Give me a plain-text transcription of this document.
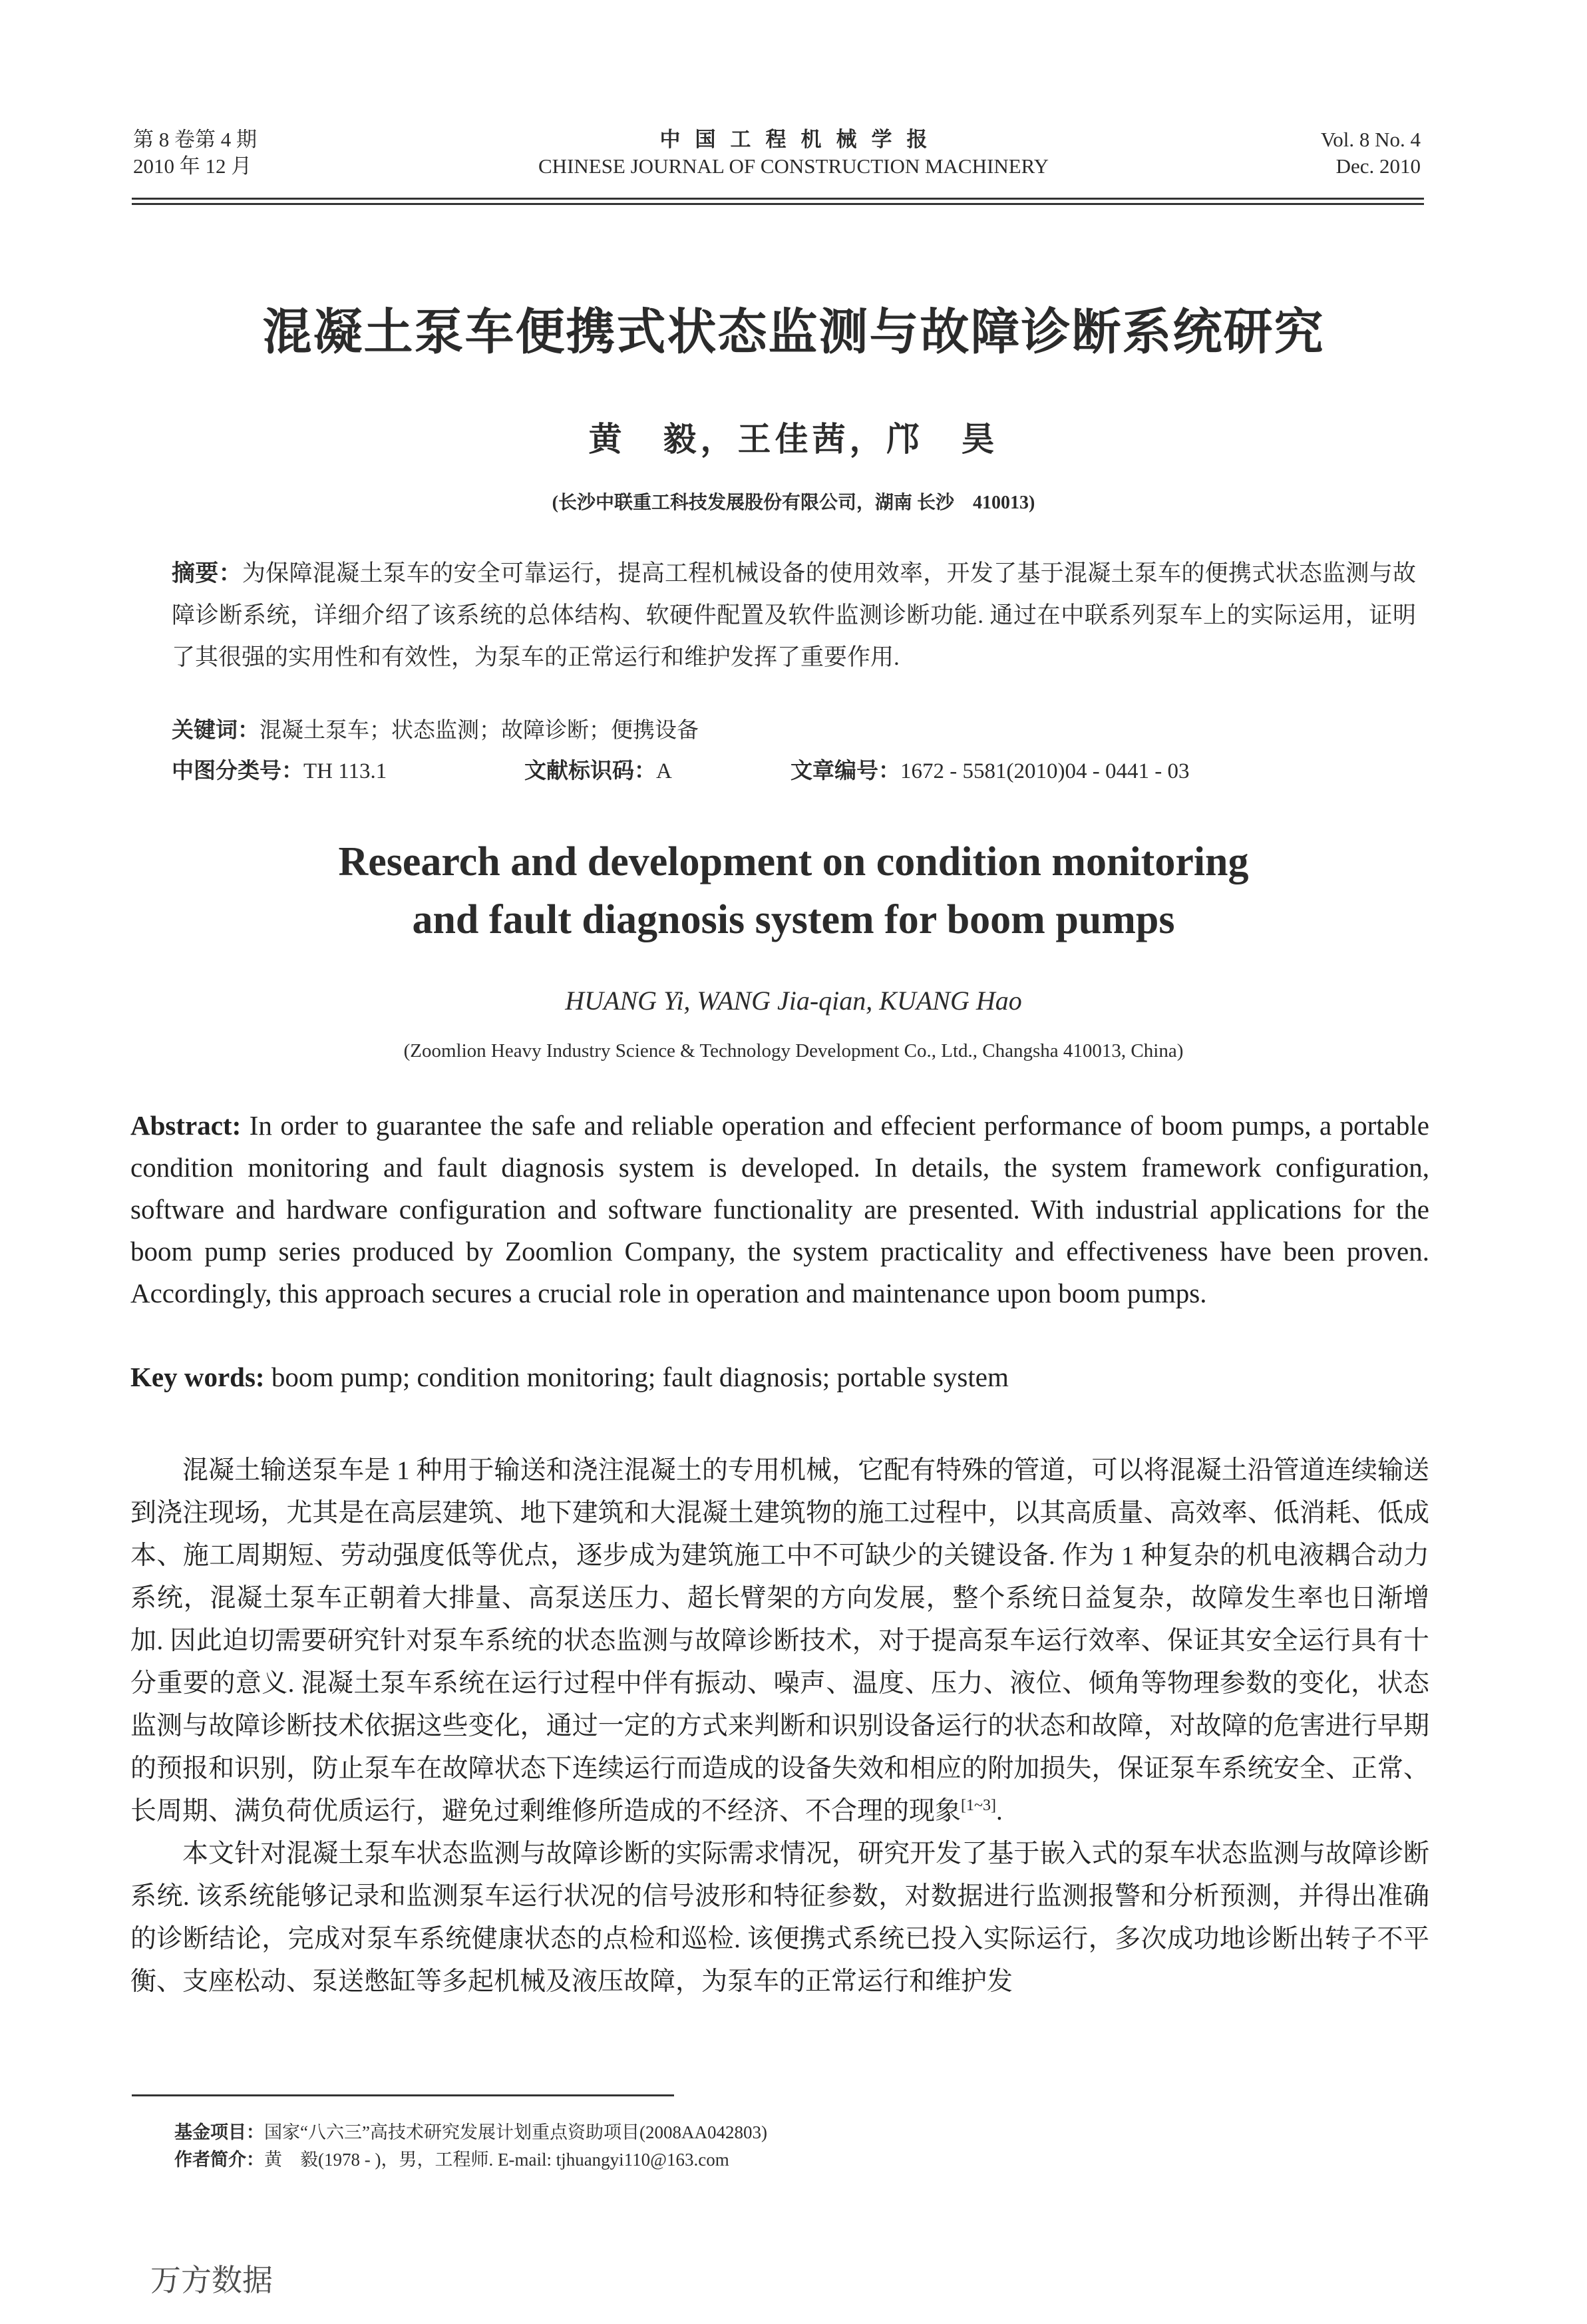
第 8 卷第 4 期
2010 年 12 月
中国工程机械学报
CHINESE JOURNAL OF CONSTRUCTION MACHINERY
Vol. 8 No. 4
Dec. 2010
混凝土泵车便携式状态监测与故障诊断系统研究
黄　毅，王佳茜，邝　昊
(长沙中联重工科技发展股份有限公司，湖南 长沙　410013)
摘要：为保障混凝土泵车的安全可靠运行，提高工程机械设备的使用效率，开发了基于混凝土泵车的便携式状态监测与故障诊断系统，详细介绍了该系统的总体结构、软硬件配置及软件监测诊断功能. 通过在中联系列泵车上的实际运用，证明了其很强的实用性和有效性，为泵车的正常运行和维护发挥了重要作用.
关键词：混凝土泵车；状态监测；故障诊断；便携设备
中图分类号：TH 113.1	文献标识码：A	文章编号：1672 - 5581(2010)04 - 0441 - 03
Research and development on condition monitoring
and fault diagnosis system for boom pumps
HUANG Yi, WANG Jia-qian, KUANG Hao
(Zoomlion Heavy Industry Science & Technology Development Co., Ltd., Changsha 410013, China)
Abstract: In order to guarantee the safe and reliable operation and effecient performance of boom pumps, a portable condition monitoring and fault diagnosis system is developed. In details, the system framework configuration, software and hardware configuration and software functionality are presented. With industrial applications for the boom pump series produced by Zoomlion Company, the system practicality and effectiveness have been proven. Accordingly, this approach secures a crucial role in operation and maintenance upon boom pumps.
Key words: boom pump; condition monitoring; fault diagnosis; portable system

混凝土输送泵车是 1 种用于输送和浇注混凝土的专用机械，它配有特殊的管道，可以将混凝土沿管道连续输送到浇注现场，尤其是在高层建筑、地下建筑和大混凝土建筑物的施工过程中，以其高质量、高效率、低消耗、低成本、施工周期短、劳动强度低等优点，逐步成为建筑施工中不可缺少的关键设备. 作为 1 种复杂的机电液耦合动力系统，混凝土泵车正朝着大排量、高泵送压力、超长臂架的方向发展，整个系统日益复杂，故障发生率也日渐增加. 因此迫切需要研究针对泵车系统的状态监测与故障诊断技术，对于提高泵车运行效率、保证其安全运行具有十分重要的意义. 混凝土泵车系统在运行过程中伴有振动、噪声、温度、压力、液位、倾角等物理参数的变化，状态监测与故障诊断技术依据这些变化，通过一定的方式来判断和识别设备运行的状态和故障，对故障的危害进行早期的预报和识别，防止泵车在故障状态下连续运行而造成的设备失效和相应的附加损失，保证泵车系统安全、正常、长周期、满负荷优质运行，避免过剩维修所造成的不经济、不合理的现象[1~3].

本文针对混凝土泵车状态监测与故障诊断的实际需求情况，研究开发了基于嵌入式的泵车状态监测与故障诊断系统. 该系统能够记录和监测泵车运行状况的信号波形和特征参数，对数据进行监测报警和分析预测，并得出准确的诊断结论，完成对泵车系统健康状态的点检和巡检. 该便携式系统已投入实际运行，多次成功地诊断出转子不平衡、支座松动、泵送憋缸等多起机械及液压故障，为泵车的正常运行和维护发

基金项目：国家“八六三”高技术研究发展计划重点资助项目(2008AA042803)
作者简介：黄　毅(1978 - )，男，工程师. E-mail: tjhuangyi110@163.com
万方数据
